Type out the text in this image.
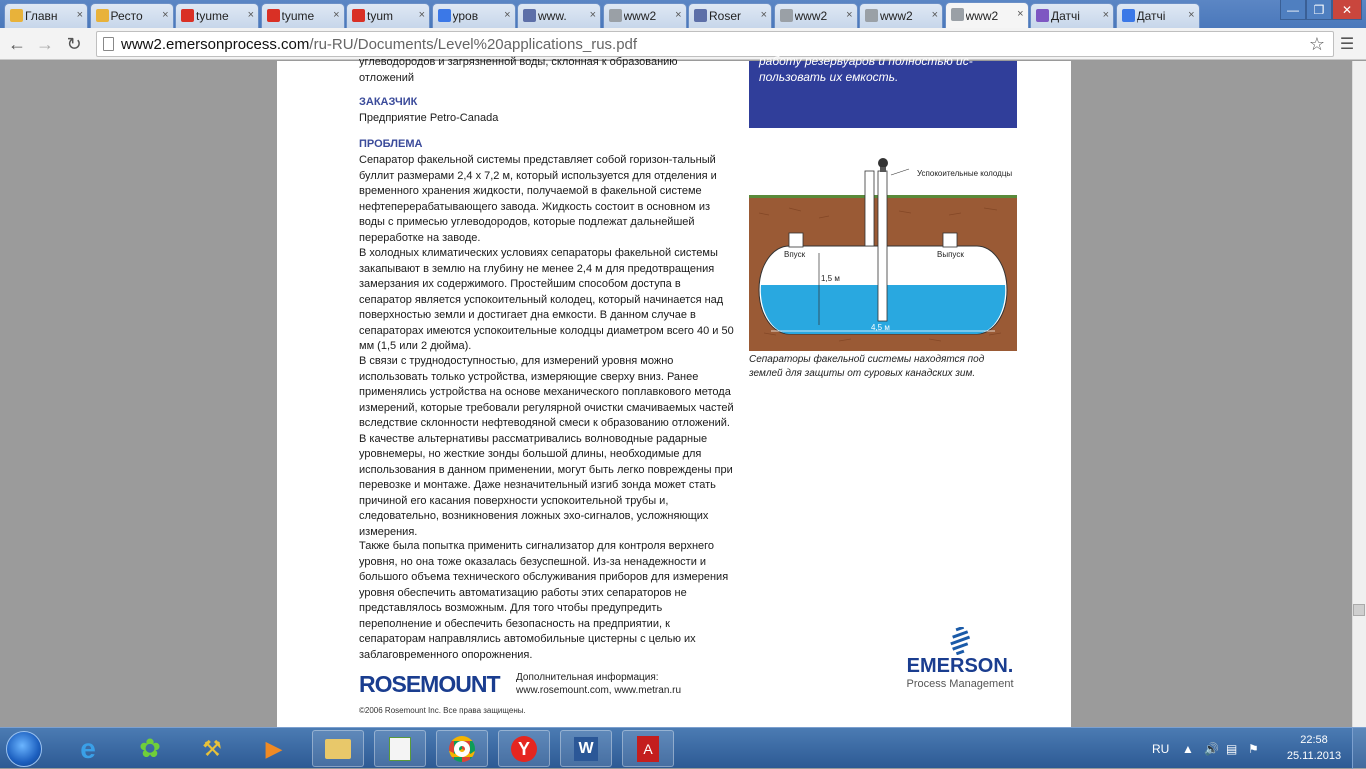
Главн	× Ресто	× tyume	× tyume	× tyum	× уров	× www.	× www2	× Roser	× www2	× www2	× www2	× Датчі	× Датчі	×	—	❐	✕
← → ↻	www2.emersonprocess.com /ru-RU/Documents/Level%20applications_rus.pdf	☆ ☰
углеводородов и загрязненной воды, склонная к образованию отложений
ЗАКАЗЧИК
Предприятие Petro-Canada
ПРОБЛЕМА
Сепаратор факельной системы представляет собой горизон-тальный буллит размерами 2,4 х 7,2 м, который используется для отделения и временного хранения жидкости, получаемой в факельной системе нефтеперерабатывающего завода. Жидкость состоит в основном из воды с примесью углеводородов, которые подлежат дальнейшей переработке на заводе.
В холодных климатических условиях сепараторы факельной системы закапывают в землю на глубину не менее 2,4 м для предотвращения замерзания их содержимого. Простейшим способом доступа в сепаратор является успокоительный колодец, который начинается над поверхностью земли и достигает дна емкости. В данном случае в сепараторах имеются успокоительные колодцы диаметром всего 40 и 50 мм (1,5 или 2 дюйма).
В связи с труднодоступностью, для измерений уровня можно использовать только устройства, измеряющие сверху вниз. Ранее применялись устройства на основе механического поплавкового метода измерений, которые требовали регулярной очистки смачиваемых частей вследствие склонности нефтеводяной смеси к образованию отложений. В качестве альтернативы рассматривались волноводные радарные уровнемеры, но жесткие зонды большой длины, необходимые для использования в данном применении, могут быть легко повреждены при перевозке и монтаже. Даже незначительный изгиб зонда может стать причиной его касания поверхности успокоительной трубы и, следовательно, возникновения ложных эхо-сигналов, усложняющих измерения.
Также была попытка применить сигнализатор для контроля верхнего уровня, но она тоже оказалась безуспешной. Из-за ненадежности и большого объема технического обслуживания приборов для измерения уровня обеспечить автоматизацию работы этих сепараторов не представлялось возможным. Для того чтобы предупредить переполнение и обеспечить безопасность на предприятии, к сепараторам направлялись автомобильные цистерны с целью их заблаговременного опорожнения.
работу резервуаров и полностью ис-пользовать их емкость.
Успокоительные колодцы
Впуск	Выпуск
1,5 м
4,5 м
Сепараторы факельной системы находятся под землей для защиты от суровых канадских зим.
ROSEMOUNT Дополнительная информация:
www.rosemount.com, www.metran.ru
©2006 Rosemount Inc. Все права защищены.
EMERSON.
Process Management
e ✿ ⚒ ▶	Y	W	A	RU ▲ 🔊 ▤ ⚑
22:58
25.11.2013
